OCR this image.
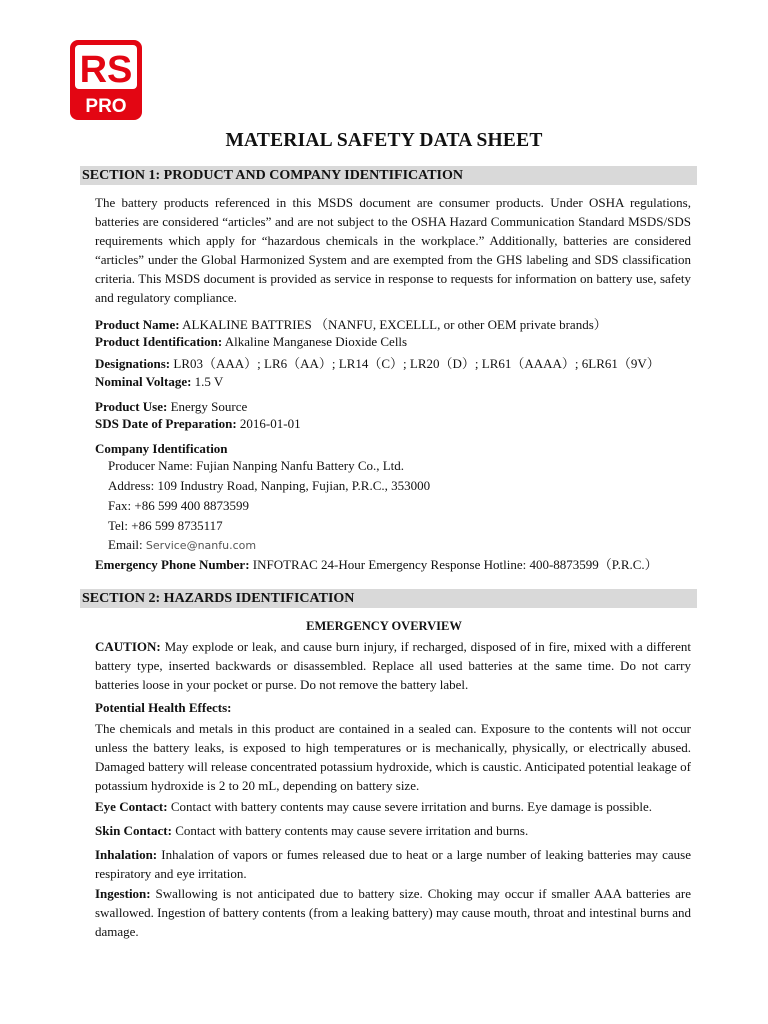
RS
PRO
MATERIAL SAFETY DATA SHEET
SECTION 1: PRODUCT AND COMPANY IDENTIFICATION
The battery products referenced in this MSDS document are consumer products. Under OSHA regulations, batteries are considered “articles” and are not subject to the OSHA Hazard Communication Standard MSDS/SDS requirements which apply for “hazardous chemicals in the workplace.” Additionally, batteries are considered “articles” under the Global Harmonized System and are exempted from the GHS labeling and SDS classification criteria. This MSDS document is provided as service in response to requests for information on battery use, safety and regulatory compliance.
Product Name: ALKALINE BATTRIES （NANFU, EXCELLL, or other OEM private brands）
Product Identification: Alkaline Manganese Dioxide Cells
Designations: LR03（AAA）; LR6（AA）; LR14（C）; LR20（D）; LR61（AAAA）; 6LR61（9V）
Nominal Voltage: 1.5 V
Product Use: Energy Source
SDS Date of Preparation: 2016-01-01
Company Identification
Producer Name: Fujian Nanping Nanfu Battery Co., Ltd.
Address: 109 Industry Road, Nanping, Fujian, P.R.C., 353000
Fax: +86 599 400 8873599
Tel: +86 599 8735117
Email: Service@nanfu.com
Emergency Phone Number: INFOTRAC 24-Hour Emergency Response Hotline: 400-8873599（P.R.C.）
SECTION 2: HAZARDS IDENTIFICATION
EMERGENCY OVERVIEW
CAUTION: May explode or leak, and cause burn injury, if recharged, disposed of in fire, mixed with a different battery type, inserted backwards or disassembled. Replace all used batteries at the same time. Do not carry batteries loose in your pocket or purse. Do not remove the battery label.
Potential Health Effects:
The chemicals and metals in this product are contained in a sealed can. Exposure to the contents will not occur unless the battery leaks, is exposed to high temperatures or is mechanically, physically, or electrically abused. Damaged battery will release concentrated potassium hydroxide, which is caustic. Anticipated potential leakage of potassium hydroxide is 2 to 20 mL, depending on battery size.
Eye Contact: Contact with battery contents may cause severe irritation and burns. Eye damage is possible.
Skin Contact: Contact with battery contents may cause severe irritation and burns.
Inhalation: Inhalation of vapors or fumes released due to heat or a large number of leaking batteries may cause respiratory and eye irritation.
Ingestion: Swallowing is not anticipated due to battery size. Choking may occur if smaller AAA batteries are swallowed. Ingestion of battery contents (from a leaking battery) may cause mouth, throat and intestinal burns and damage.
